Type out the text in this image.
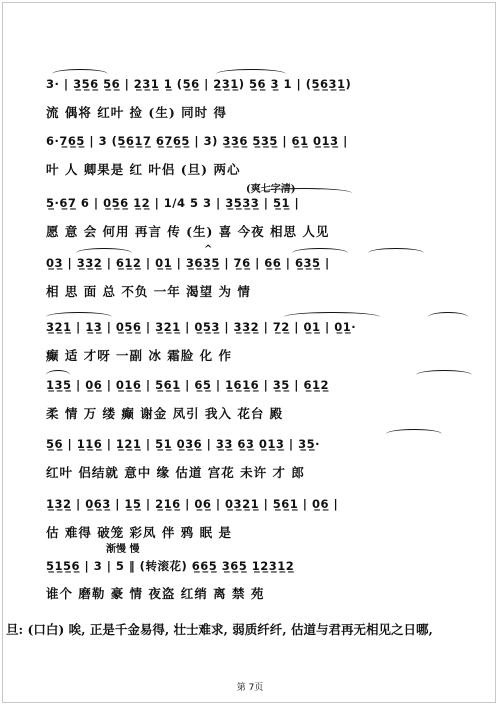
3· | 3̲5̲6̲ 5̲6̲ | 2̲3̲1̲ 1̲ (5̲6̲ | 2̲3̲1̲) 5̲6̲ 3̲ 1 | (5̲6̲3̲1̲)
流 偶将 红叶 捡 (生) 同时 得
6·7̲6̲5̲ | 3 (5̲6̲1̲7̲ 6̲7̲6̲5̲ | 3) 3̲3̲6̲ 5̲3̲5̲ | 6̲1̲ 0̲1̲3̲ |
叶 人 卿果是 红 叶侣 (旦) 两心
(爽七字清)
5̲·6̲7̲ 6 | 0̲5̲6̲ 1̲2̲ | 1/4 5 3 | 3̲5̲3̲3̲ | 5̲1̲ |
愿 意 会 何用 再言 传 (生) 喜 今夜 相思 人见
^
0̲3̲ | 3̲3̲2̲ | 6̲1̲2̲ | 0̲1̲ | 3̲6̲3̲5̲ | 7̲6̲ | 6̲6̲ | 6̲3̲5̲ |
相 思 面 总 不负 一年 渴望 为 情
3̲2̲1̲ | 1̲3̲ | 0̲5̲6̲ | 3̲2̲1̲ | 0̲5̲3̲ | 3̲3̲2̲ | 7̲2̲ | 0̲1̲ | 0̲1̲·
癫 适 才呀 一副 冰 霜脸 化 作
1̲3̲5̲ | 0̲6̲ | 0̲1̲6̲ | 5̲6̲1̲ | 6̲5̲ | 1̲6̲1̲6̲ | 3̲5̲ | 6̲1̲2̲
柔 情 万 缕 癫 谢金 凤引 我入 花台 殿
5̲6̲ | 1̲1̲6̲ | 1̲2̲1̲ | 5̲1̲ 0̲3̲6̲ | 3̲3̲ 6̲3̲ 0̲1̲3̲ | 3̲5̲·
红叶 侣结就 意中 缘 估道 宫花 未许 才 郎
1̲3̲2̲ | 0̲6̲3̲ | 1̲5̲ | 2̲1̲6̲ | 0̲6̲ | 0̲3̲2̲1̲ | 5̲6̲1̲ | 0̲6̲ |
估 难得 破笼 彩凤 伴 鸦 眠 是
渐慢 慢
5̲1̲5̲6̲ | 3 | 5 ‖ (转滚花) 6̲6̲5̲ 3̲6̲5̲ 1̲2̲3̲1̲2̲
谁个 磨勒 豪 情 夜盗 红绡 离 禁 苑
旦: (口白) 唉, 正是千金易得, 壮士难求, 弱质纤纤, 估道与君再无相见之日哪,
第 7页
